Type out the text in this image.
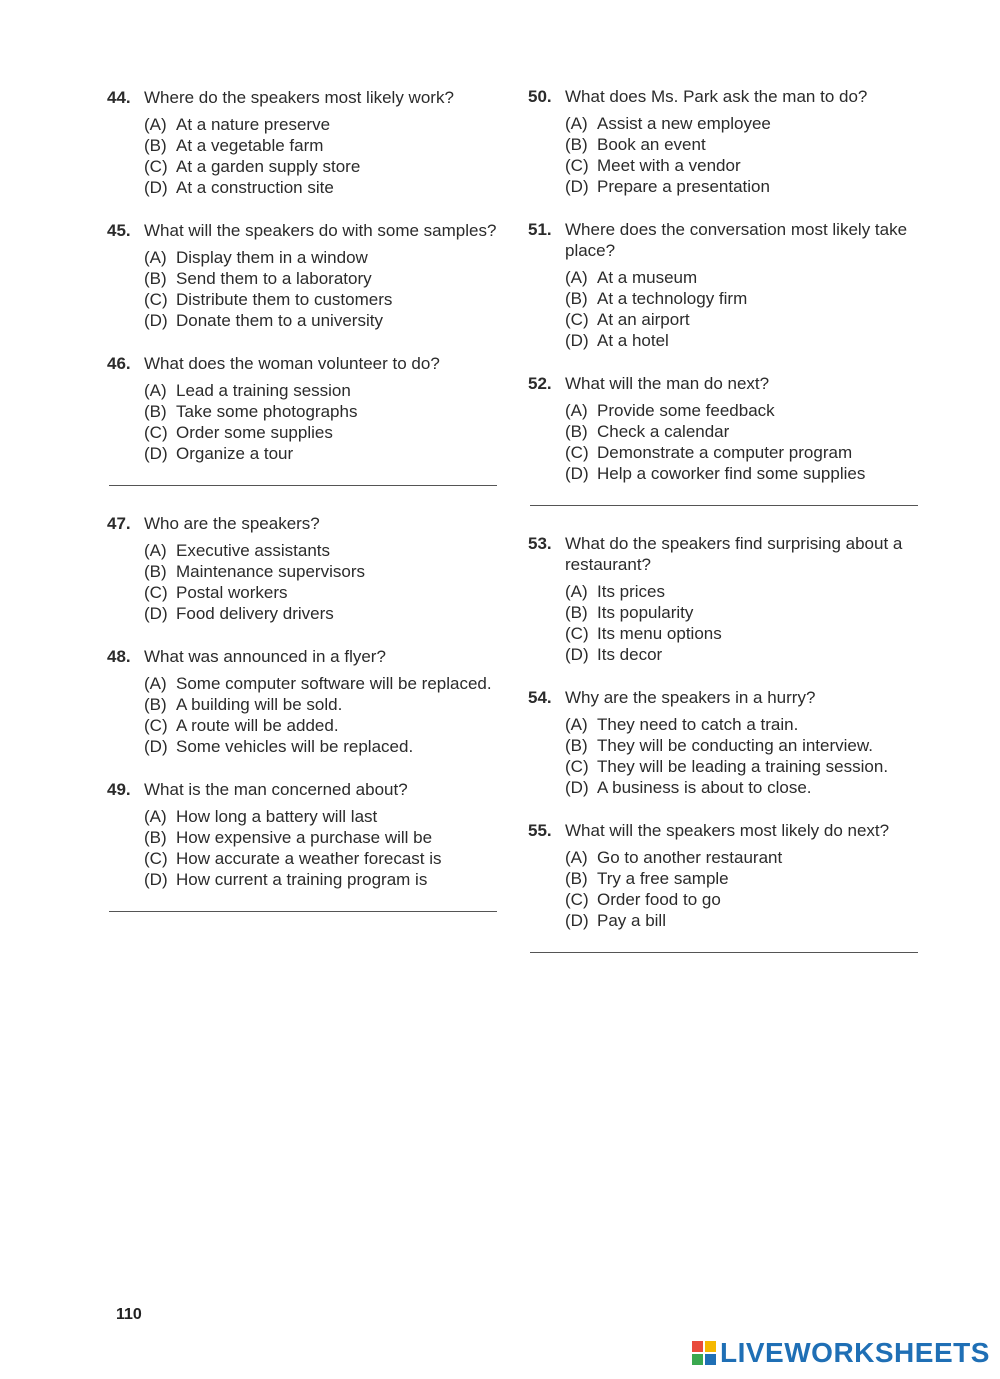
44. Where do the speakers most likely work?
(A) At a nature preserve
(B) At a vegetable farm
(C) At a garden supply store
(D) At a construction site
45. What will the speakers do with some samples?
(A) Display them in a window
(B) Send them to a laboratory
(C) Distribute them to customers
(D) Donate them to a university
46. What does the woman volunteer to do?
(A) Lead a training session
(B) Take some photographs
(C) Order some supplies
(D) Organize a tour
47. Who are the speakers?
(A) Executive assistants
(B) Maintenance supervisors
(C) Postal workers
(D) Food delivery drivers
48. What was announced in a flyer?
(A) Some computer software will be replaced.
(B) A building will be sold.
(C) A route will be added.
(D) Some vehicles will be replaced.
49. What is the man concerned about?
(A) How long a battery will last
(B) How expensive a purchase will be
(C) How accurate a weather forecast is
(D) How current a training program is
50. What does Ms. Park ask the man to do?
(A) Assist a new employee
(B) Book an event
(C) Meet with a vendor
(D) Prepare a presentation
51. Where does the conversation most likely take place?
(A) At a museum
(B) At a technology firm
(C) At an airport
(D) At a hotel
52. What will the man do next?
(A) Provide some feedback
(B) Check a calendar
(C) Demonstrate a computer program
(D) Help a coworker find some supplies
53. What do the speakers find surprising about a restaurant?
(A) Its prices
(B) Its popularity
(C) Its menu options
(D) Its decor
54. Why are the speakers in a hurry?
(A) They need to catch a train.
(B) They will be conducting an interview.
(C) They will be leading a training session.
(D) A business is about to close.
55. What will the speakers most likely do next?
(A) Go to another restaurant
(B) Try a free sample
(C) Order food to go
(D) Pay a bill
110
LIVEWORKSHEETS
